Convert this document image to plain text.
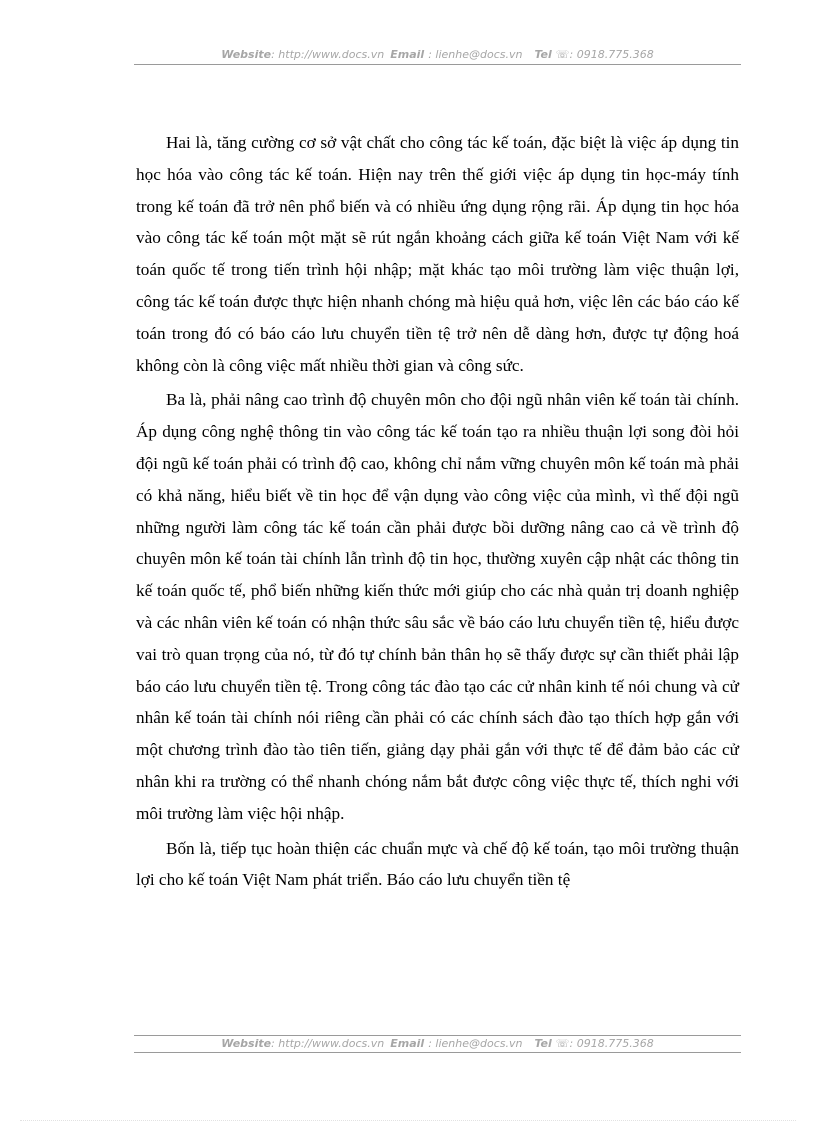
Website: http://www.docs.vn Email : lienhe@docs.vn Tel ☏: 0918.775.368

Hai là, tăng cường cơ sở vật chất cho công tác kế toán, đặc biệt là việc áp dụng tin học hóa vào công tác kế toán. Hiện nay trên thế giới việc áp dụng tin học-máy tính trong kế toán đã trở nên phổ biến và có nhiều ứng dụng rộng rãi. Áp dụng tin học hóa vào công tác kế toán một mặt sẽ rút ngắn khoảng cách giữa kế toán Việt Nam với kế toán quốc tế trong tiến trình hội nhập; mặt khác tạo môi trường làm việc thuận lợi, công tác kế toán được thực hiện nhanh chóng mà hiệu quả hơn, việc lên các báo cáo kế toán trong đó có báo cáo lưu chuyển tiền tệ trở nên dễ dàng hơn, được tự động hoá không còn là công việc mất nhiều thời gian và công sức.

Ba là, phải nâng cao trình độ chuyên môn cho đội ngũ nhân viên kế toán tài chính. Áp dụng công nghệ thông tin vào công tác kế toán tạo ra nhiều thuận lợi song đòi hỏi đội ngũ kế toán phải có trình độ cao, không chỉ nắm vững chuyên môn kế toán mà phải có khả năng, hiểu biết về tin học để vận dụng vào công việc của mình, vì thế đội ngũ những người làm công tác kế toán cần phải được bồi dưỡng nâng cao cả về trình độ chuyên môn kế toán tài chính lẫn trình độ tin học, thường xuyên cập nhật các thông tin kế toán quốc tế, phổ biến những kiến thức mới giúp cho các nhà quản trị doanh nghiệp và các nhân viên kế toán có nhận thức sâu sắc về báo cáo lưu chuyển tiền tệ, hiểu được vai trò quan trọng của nó, từ đó tự chính bản thân họ sẽ thấy được sự cần thiết phải lập báo cáo lưu chuyển tiền tệ. Trong công tác đào tạo các cử nhân kinh tế nói chung và cử nhân kế toán tài chính nói riêng cần phải có các chính sách đào tạo thích hợp gắn với một chương trình đào tào tiên tiến, giảng dạy phải gắn với thực tế để đảm bảo các cử nhân khi ra trường có thể nhanh chóng nắm bắt được công việc thực tế, thích nghi với môi trường làm việc hội nhập.

Bốn là, tiếp tục hoàn thiện các chuẩn mực và chế độ kế toán, tạo môi trường thuận lợi cho kế toán Việt Nam phát triển. Báo cáo lưu chuyển tiền tệ

Website: http://www.docs.vn Email : lienhe@docs.vn Tel ☏: 0918.775.368
